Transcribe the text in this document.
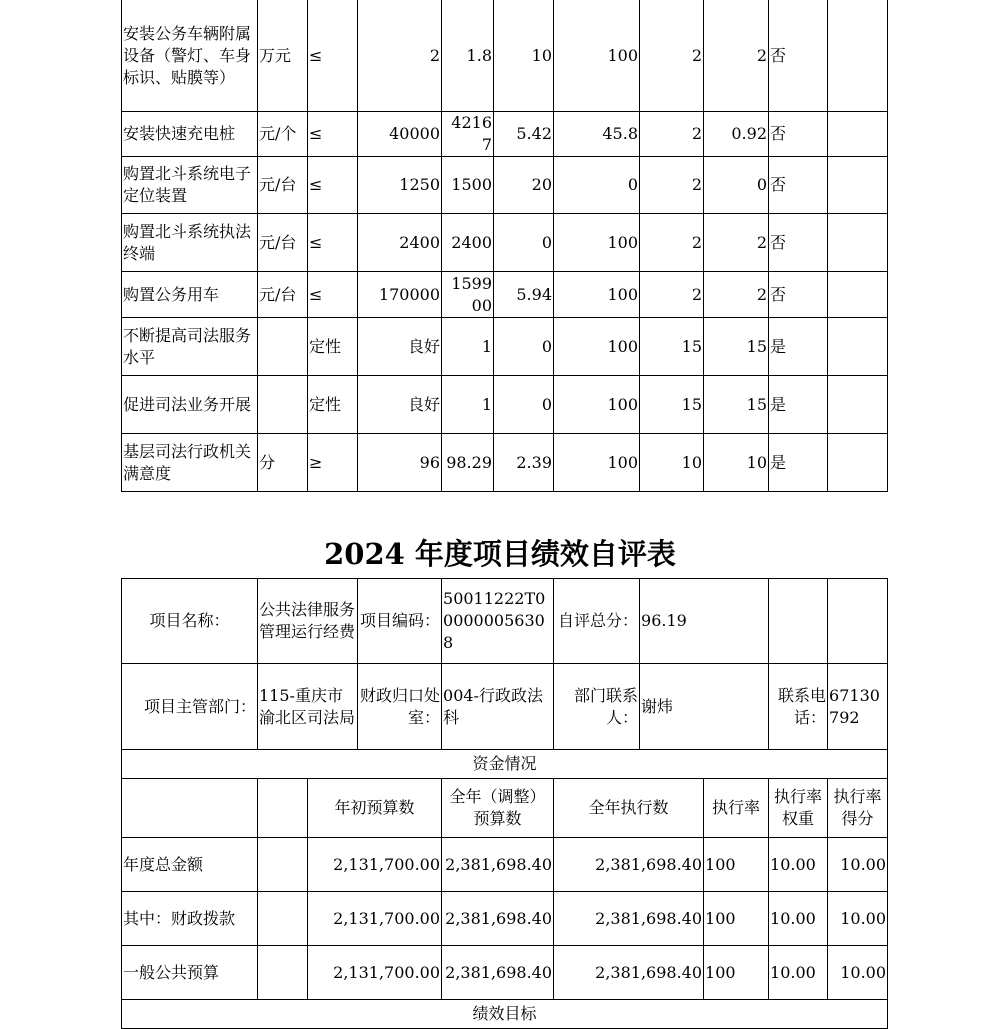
安装公务车辆附属设备（警灯、车身标识、贴膜等）	万元	≤	2	1.8	10	100	2	2	否	
安装快速充电桩	元/个	≤	40000	42167	5.42	45.8	2	0.92	否	
购置北斗系统电子定位装置	元/台	≤	1250	1500	20	0	2	0	否	
购置北斗系统执法终端	元/台	≤	2400	2400	0	100	2	2	否	
购置公务用车	元/台	≤	170000	159900	5.94	100	2	2	否	
不断提高司法服务水平		定性	良好	1	0	100	15	15	是	
促进司法业务开展		定性	良好	1	0	100	15	15	是	
基层司法行政机关满意度	分	≥	96	98.29	2.39	100	10	10	是	
2024 年度项目绩效自评表
项目名称：	公共法律服务管理运行经费		项目编码：	50011222T000000056308	自评总分：	96.19			
项目主管部门：	115-重庆市渝北区司法局		财政归口处室：	004-行政政法科	部门联系人：	谢炜		联系电话：	67130792
资金情况									
		年初预算数		全年（调整）预算数	全年执行数		执行率	执行率权重	执行率得分
年度总金额		2,131,700.00		2,381,698.40	2,381,698.40		100	10.00	10.00
其中：财政拨款		2,131,700.00		2,381,698.40	2,381,698.40		100	10.00	10.00
一般公共预算		2,131,700.00		2,381,698.40	2,381,698.40		100	10.00	10.00
绩效目标									
